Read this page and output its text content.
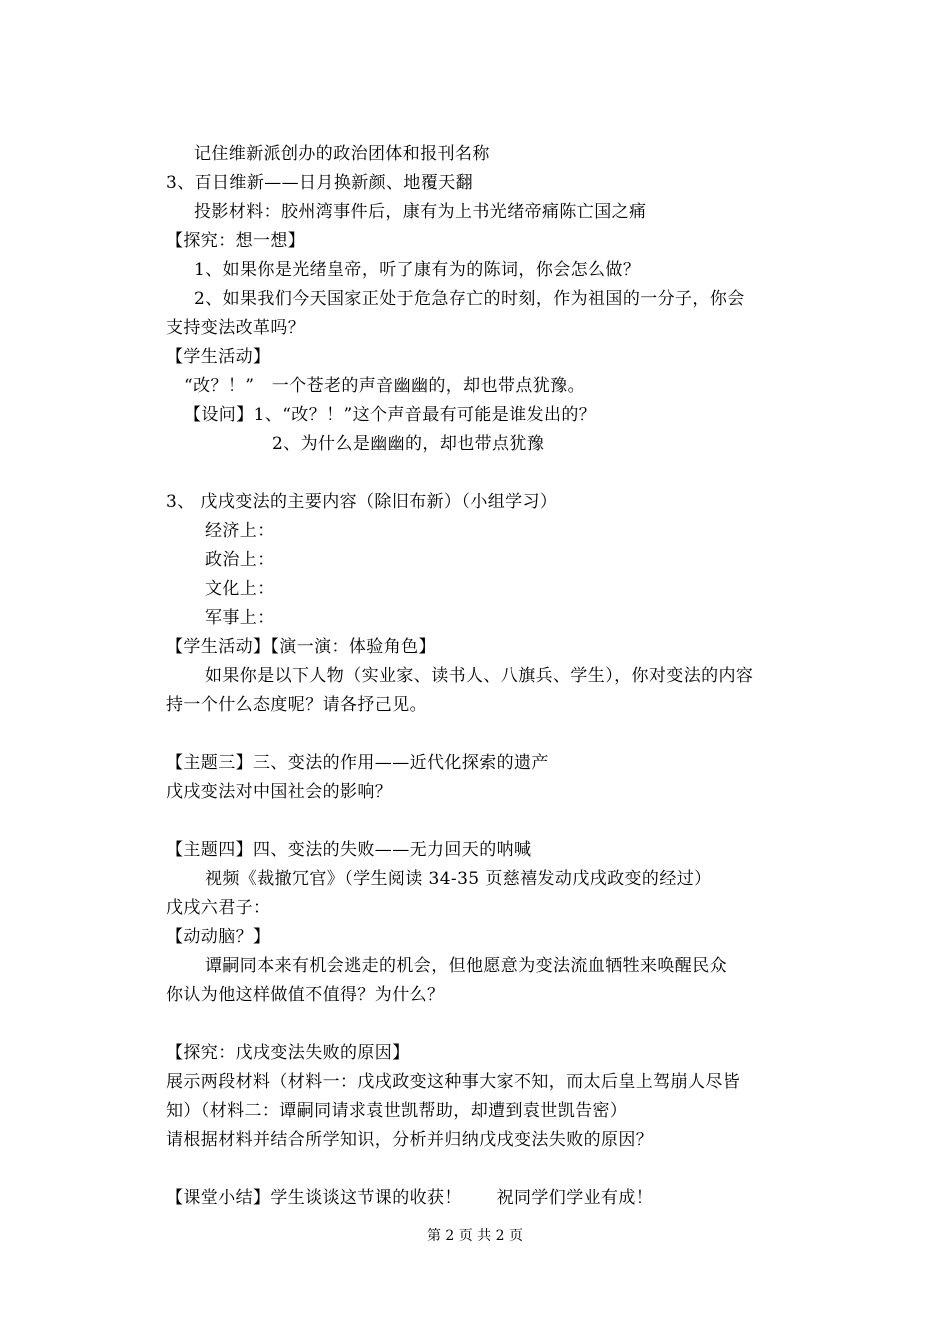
记住维新派创办的政治团体和报刊名称
3、百日维新——日月换新颜、地覆天翻
投影材料：胶州湾事件后，康有为上书光绪帝痛陈亡国之痛
【探究：想一想】
1、如果你是光绪皇帝，听了康有为的陈词，你会怎么做？
2、如果我们今天国家正处于危急存亡的时刻，作为祖国的一分子，你会
支持变法改革吗？
【学生活动】
“改？！”　一个苍老的声音幽幽的，却也带点犹豫。
【设问】1、“改？！”这个声音最有可能是谁发出的？
2、为什么是幽幽的，却也带点犹豫
3、 戊戌变法的主要内容（除旧布新）（小组学习）
经济上：
政治上：
文化上：
军事上：
【学生活动】【演一演：体验角色】
如果你是以下人物（实业家、读书人、八旗兵、学生），你对变法的内容
持一个什么态度呢？请各抒己见。
【主题三】三、变法的作用——近代化探索的遗产
戊戌变法对中国社会的影响？
【主题四】四、变法的失败——无力回天的呐喊
视频《裁撤冗官》（学生阅读 34-35 页慈禧发动戊戌政变的经过）
戊戌六君子：
【动动脑？】
谭嗣同本来有机会逃走的机会，但他愿意为变法流血牺牲来唤醒民众
你认为他这样做值不值得？为什么？
【探究：戊戌变法失败的原因】
展示两段材料（材料一：戊戌政变这种事大家不知，而太后皇上驾崩人尽皆
知）（材料二：谭嗣同请求袁世凯帮助，却遭到袁世凯告密）
请根据材料并结合所学知识，分析并归纳戊戌变法失败的原因？
【课堂小结】学生谈谈这节课的收获！　　祝同学们学业有成！
第 2 页 共 2 页
